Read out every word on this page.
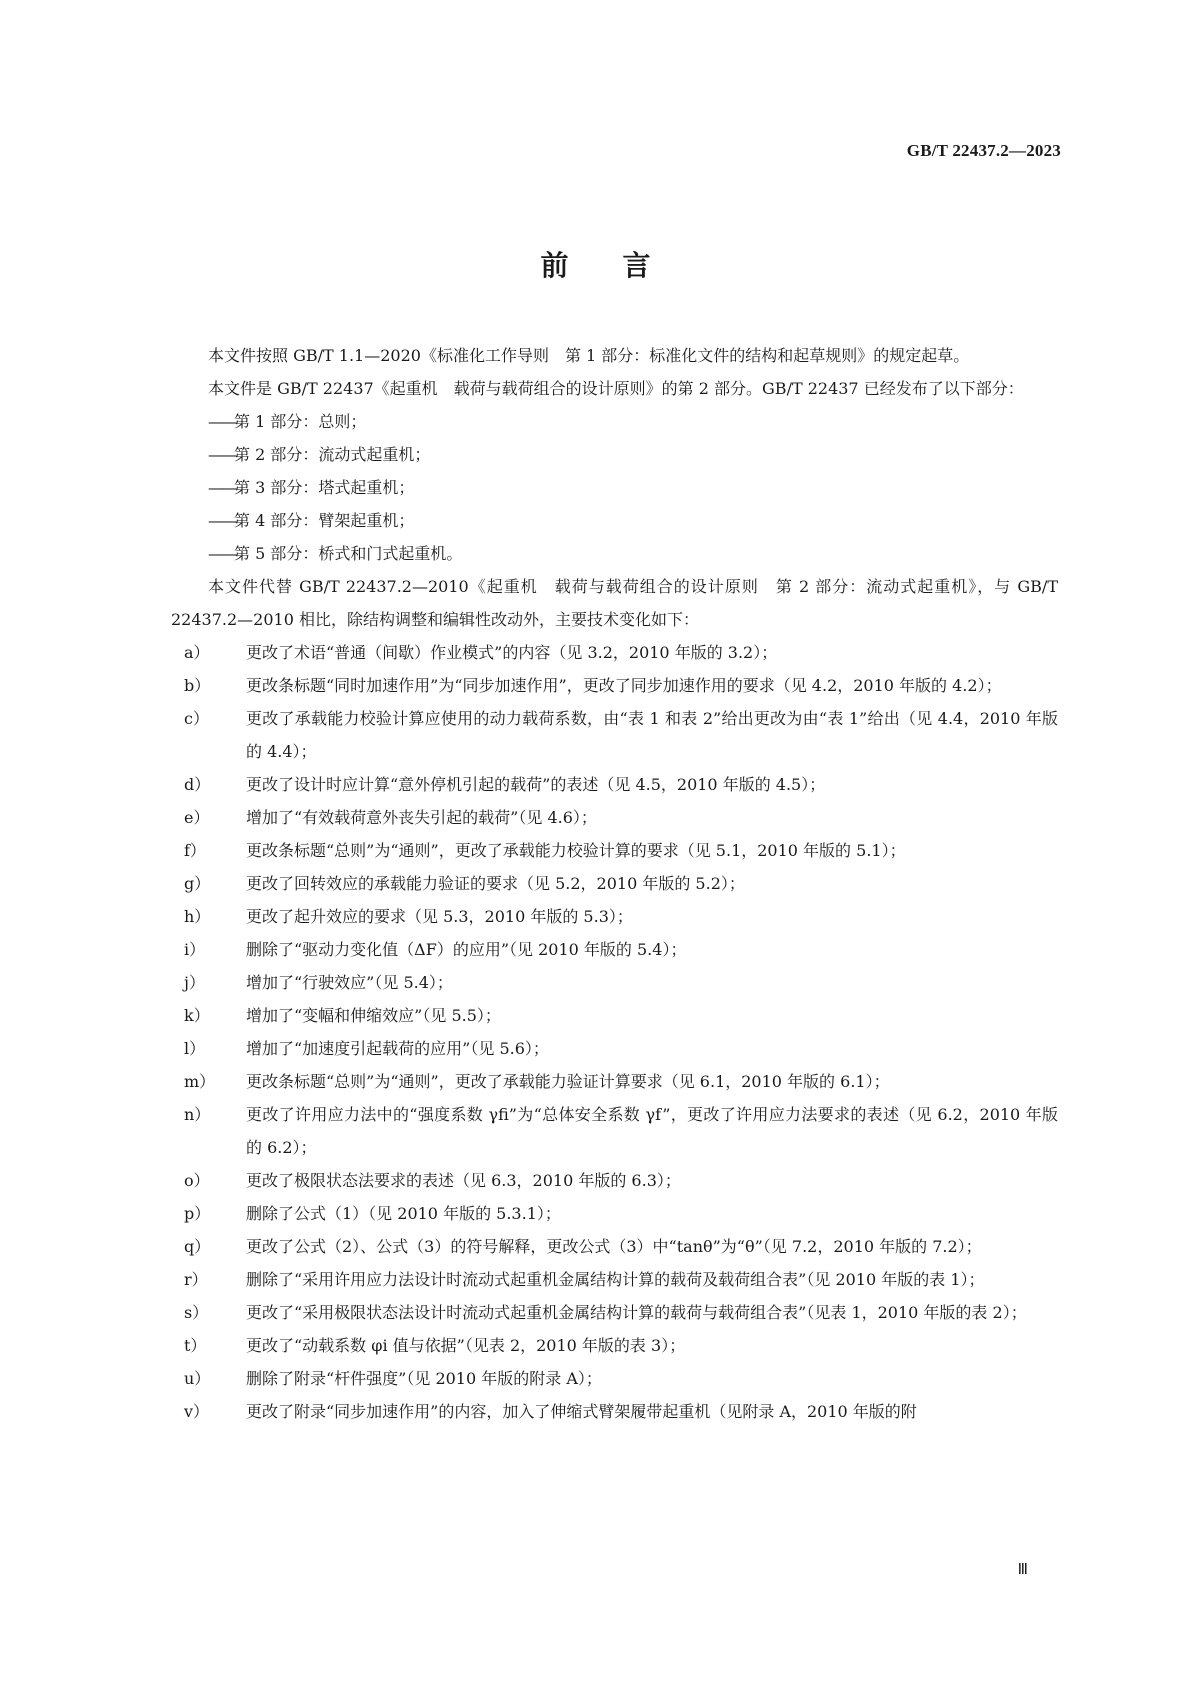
GB/T 22437.2—2023
前言

本文件按照 GB/T 1.1—2020《标准化工作导则　第 1 部分：标准化文件的结构和起草规则》的规定起草。

本文件是 GB/T 22437《起重机　载荷与载荷组合的设计原则》的第 2 部分。GB/T 22437 已经发布了以下部分：

——第 1 部分：总则；
——第 2 部分：流动式起重机；
——第 3 部分：塔式起重机；
——第 4 部分：臂架起重机；
——第 5 部分：桥式和门式起重机。

本文件代替 GB/T 22437.2—2010《起重机　载荷与载荷组合的设计原则　第 2 部分：流动式起重机》，与 GB/T 22437.2—2010 相比，除结构调整和编辑性改动外，主要技术变化如下：

a）	更改了术语“普通（间歇）作业模式”的内容（见 3.2，2010 年版的 3.2）；
b）	更改条标题“同时加速作用”为“同步加速作用”，更改了同步加速作用的要求（见 4.2，2010 年版的 4.2）；
c）	更改了承载能力校验计算应使用的动力载荷系数，由“表 1 和表 2”给出更改为由“表 1”给出（见 4.4，2010 年版的 4.4）；
d）	更改了设计时应计算“意外停机引起的载荷”的表述（见 4.5，2010 年版的 4.5）；
e）	增加了“有效载荷意外丧失引起的载荷”（见 4.6）；
f）	更改条标题“总则”为“通则”，更改了承载能力校验计算的要求（见 5.1，2010 年版的 5.1）；
g）	更改了回转效应的承载能力验证的要求（见 5.2，2010 年版的 5.2）；
h）	更改了起升效应的要求（见 5.3，2010 年版的 5.3）；
i）	删除了“驱动力变化值（ΔF）的应用”（见 2010 年版的 5.4）；
j）	增加了“行驶效应”（见 5.4）；
k）	增加了“变幅和伸缩效应”（见 5.5）；
l）	增加了“加速度引起载荷的应用”（见 5.6）；
m）	更改条标题“总则”为“通则”，更改了承载能力验证计算要求（见 6.1，2010 年版的 6.1）；
n）	更改了许用应力法中的“强度系数 γfi”为“总体安全系数 γf”，更改了许用应力法要求的表述（见 6.2，2010 年版的 6.2）；
o）	更改了极限状态法要求的表述（见 6.3，2010 年版的 6.3）；
p）	删除了公式（1）（见 2010 年版的 5.3.1）；
q）	更改了公式（2）、公式（3）的符号解释，更改公式（3）中“tanθ”为“θ”（见 7.2，2010 年版的 7.2）；
r）	删除了“采用许用应力法设计时流动式起重机金属结构计算的载荷及载荷组合表”（见 2010 年版的表 1）；
s）	更改了“采用极限状态法设计时流动式起重机金属结构计算的载荷与载荷组合表”（见表 1，2010 年版的表 2）；
t）	更改了“动载系数 φi 值与依据”（见表 2，2010 年版的表 3）；
u）	删除了附录“杆件强度”（见 2010 年版的附录 A）；
v）	更改了附录“同步加速作用”的内容，加入了伸缩式臂架履带起重机（见附录 A，2010 年版的附
Ⅲ
